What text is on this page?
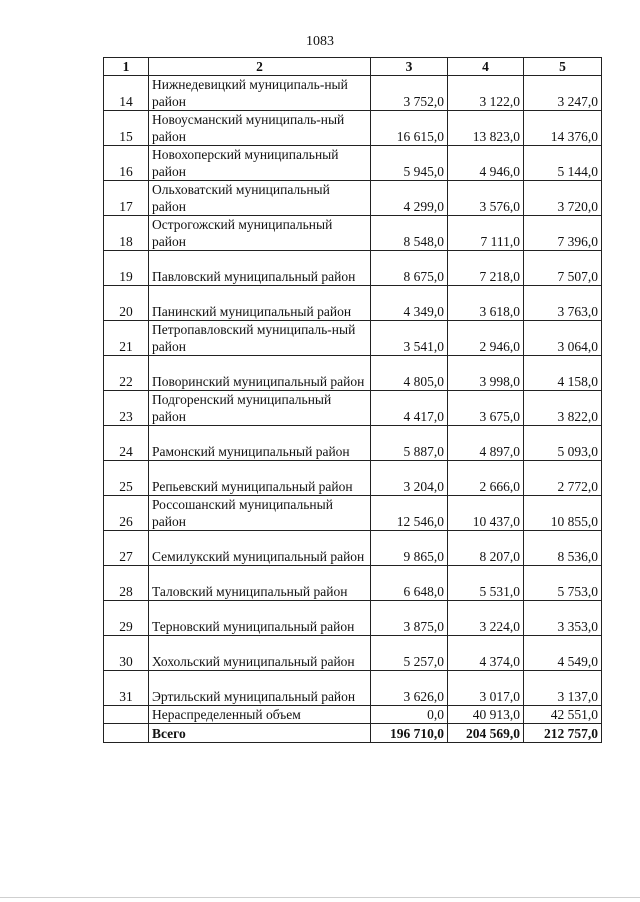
1083
1	2	3	4	5
14	Нижнедевицкий муниципаль-ный район	3 752,0	3 122,0	3 247,0
15	Новоусманский муниципаль-ный район	16 615,0	13 823,0	14 376,0
16	Новохоперский муниципальный район	5 945,0	4 946,0	5 144,0
17	Ольховатский муниципальный район	4 299,0	3 576,0	3 720,0
18	Острогожский муниципальный район	8 548,0	7 111,0	7 396,0
19	Павловский муниципальный район	8 675,0	7 218,0	7 507,0
20	Панинский муниципальный район	4 349,0	3 618,0	3 763,0
21	Петропавловский муниципаль-ный район	3 541,0	2 946,0	3 064,0
22	Поворинский муниципальный район	4 805,0	3 998,0	4 158,0
23	Подгоренский муниципальный район	4 417,0	3 675,0	3 822,0
24	Рамонский муниципальный район	5 887,0	4 897,0	5 093,0
25	Репьевский муниципальный район	3 204,0	2 666,0	2 772,0
26	Россошанский муниципальный район	12 546,0	10 437,0	10 855,0
27	Семилукский муниципальный район	9 865,0	8 207,0	8 536,0
28	Таловский муниципальный район	6 648,0	5 531,0	5 753,0
29	Терновский муниципальный район	3 875,0	3 224,0	3 353,0
30	Хохольский муниципальный район	5 257,0	4 374,0	4 549,0
31	Эртильский муниципальный район	3 626,0	3 017,0	3 137,0
	Нераспределенный объем	0,0	40 913,0	42 551,0
	Всего	196 710,0	204 569,0	212 757,0
